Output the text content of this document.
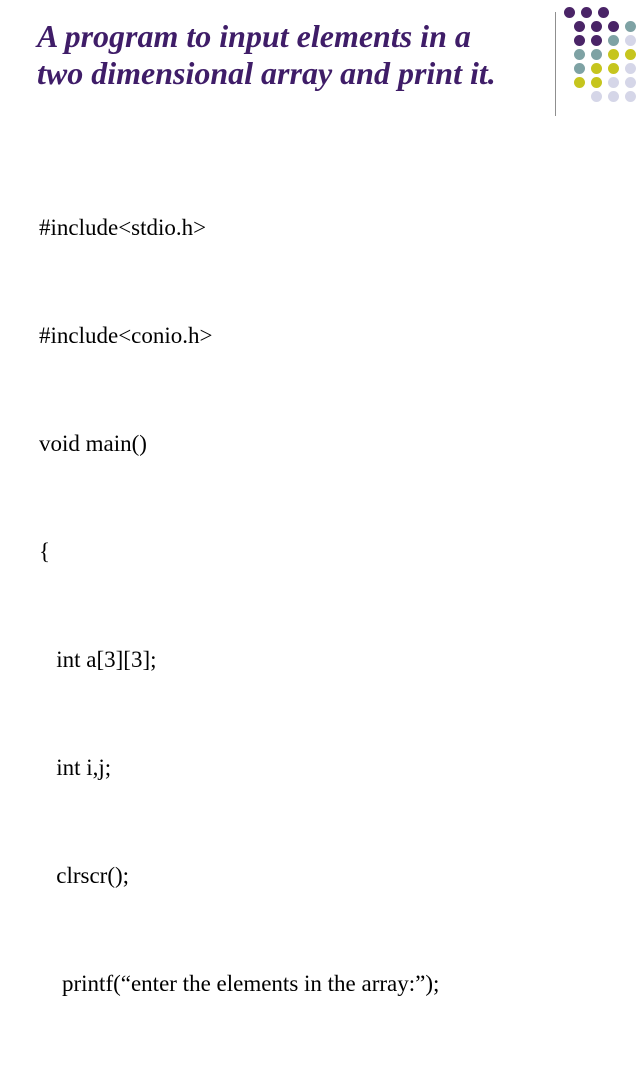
A program to input elements in a
two dimensional array and print it.

#include<stdio.h>

#include<conio.h>

void main()

{

int a[3][3];

int i,j;

clrscr();

printf(“enter the elements in the array:”);
